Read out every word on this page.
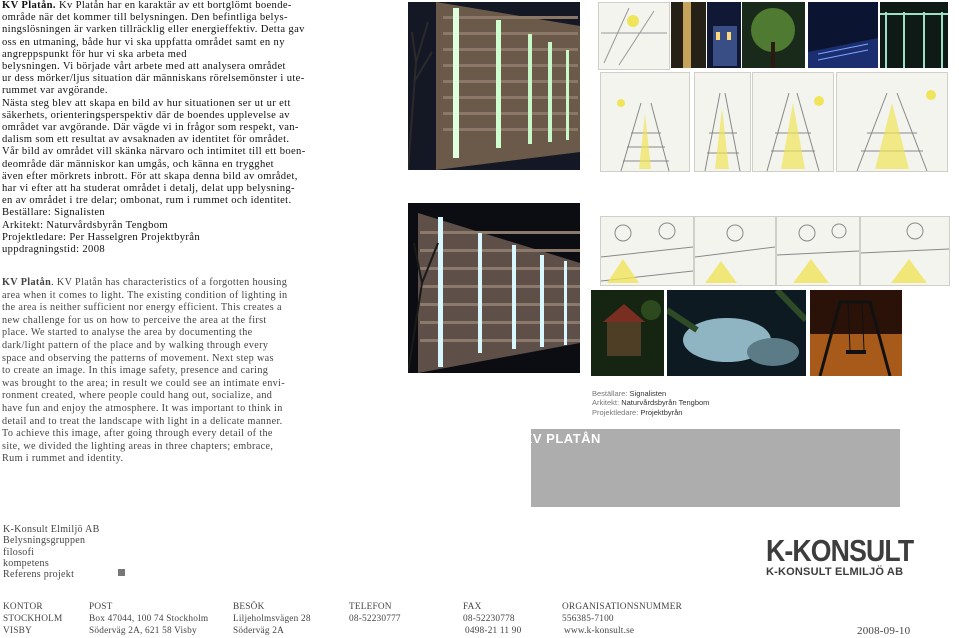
KV Platån. Kv Platån har en karaktär av ett bortglömt boende-

område när det kommer till belysningen. Den befintliga belys-

ningslösningen är varken tillräcklig eller energieffektiv. Detta gav

oss en utmaning, både hur vi ska uppfatta området samt en ny

angreppspunkt för hur vi ska arbeta med

belysningen. Vi började vårt arbete med att analysera området

ur dess mörker/ljus situation där människans rörelsemönster i ute-

rummet var avgörande.

Nästa steg blev att skapa en bild av hur situationen ser ut ur ett

säkerhets, orienteringsperspektiv där de boendes upplevelse av

området var avgörande. Där vägde vi in frågor som respekt, van-

dalism som ett resultat av avsaknaden av identitet för området.

Vår bild av området vill skänka närvaro och intimitet till ett boen-

deområde där människor kan umgås, och känna en trygghet

även efter mörkrets inbrott. För att skapa denna bild av området,

har vi efter att ha studerat området i detalj, delat upp belysning-

en av området i tre delar; ombonat, rum i rummet och identitet.

Beställare: Signalisten

Arkitekt: Naturvårdsbyrån Tengbom

Projektledare: Per Hasselgren Projektbyrån

uppdragningstid: 2008

KV Platån. KV Platån has characteristics of a forgotten housing

area when it comes to light. The existing condition of lighting in

the area is neither sufficient nor energy efficient. This creates a

new challenge for us on how to perceive the area at the first

place. We started to analyse the area by documenting the

dark/light pattern of the place and by walking through every

space and observing the patterns of movement. Next step was

to create an image. In this image safety, presence and caring

was brought to the area; in result we could see an intimate envi-

ronment created, where people could hang out, socialize, and

have fun and enjoy the atmosphere. It was important to think in

detail and to treat the landscape with light in a delicate manner.

To achieve this image, after going through every detail of the

site, we divided the lighting areas in three chapters; embrace,

Rum i rummet and identity.

Beställare: Signalisten
Arkitekt: Naturvårdsbyrån Tengbom
Projektledare: Projektbyrån
KV PLATÅN
K-Konsult Elmiljö AB
Belysningsgruppen
filosofi
kompetens
Referens projekt
K-KONSULT
K-KONSULT ELMILJÖ AB
KONTOR	POST	BESÖK	TELEFON	FAX	ORGANISATIONSNUMMER
STOCKHOLM	Box 47044, 100 74 Stockholm	Liljeholmsvägen 28	08-52230777	08-52230778	556385-7100
VISBY	Söderväg 2A, 621 58 Visby	Söderväg 2A	0498-21 11 90	www.k-konsult.se	2008-09-10
